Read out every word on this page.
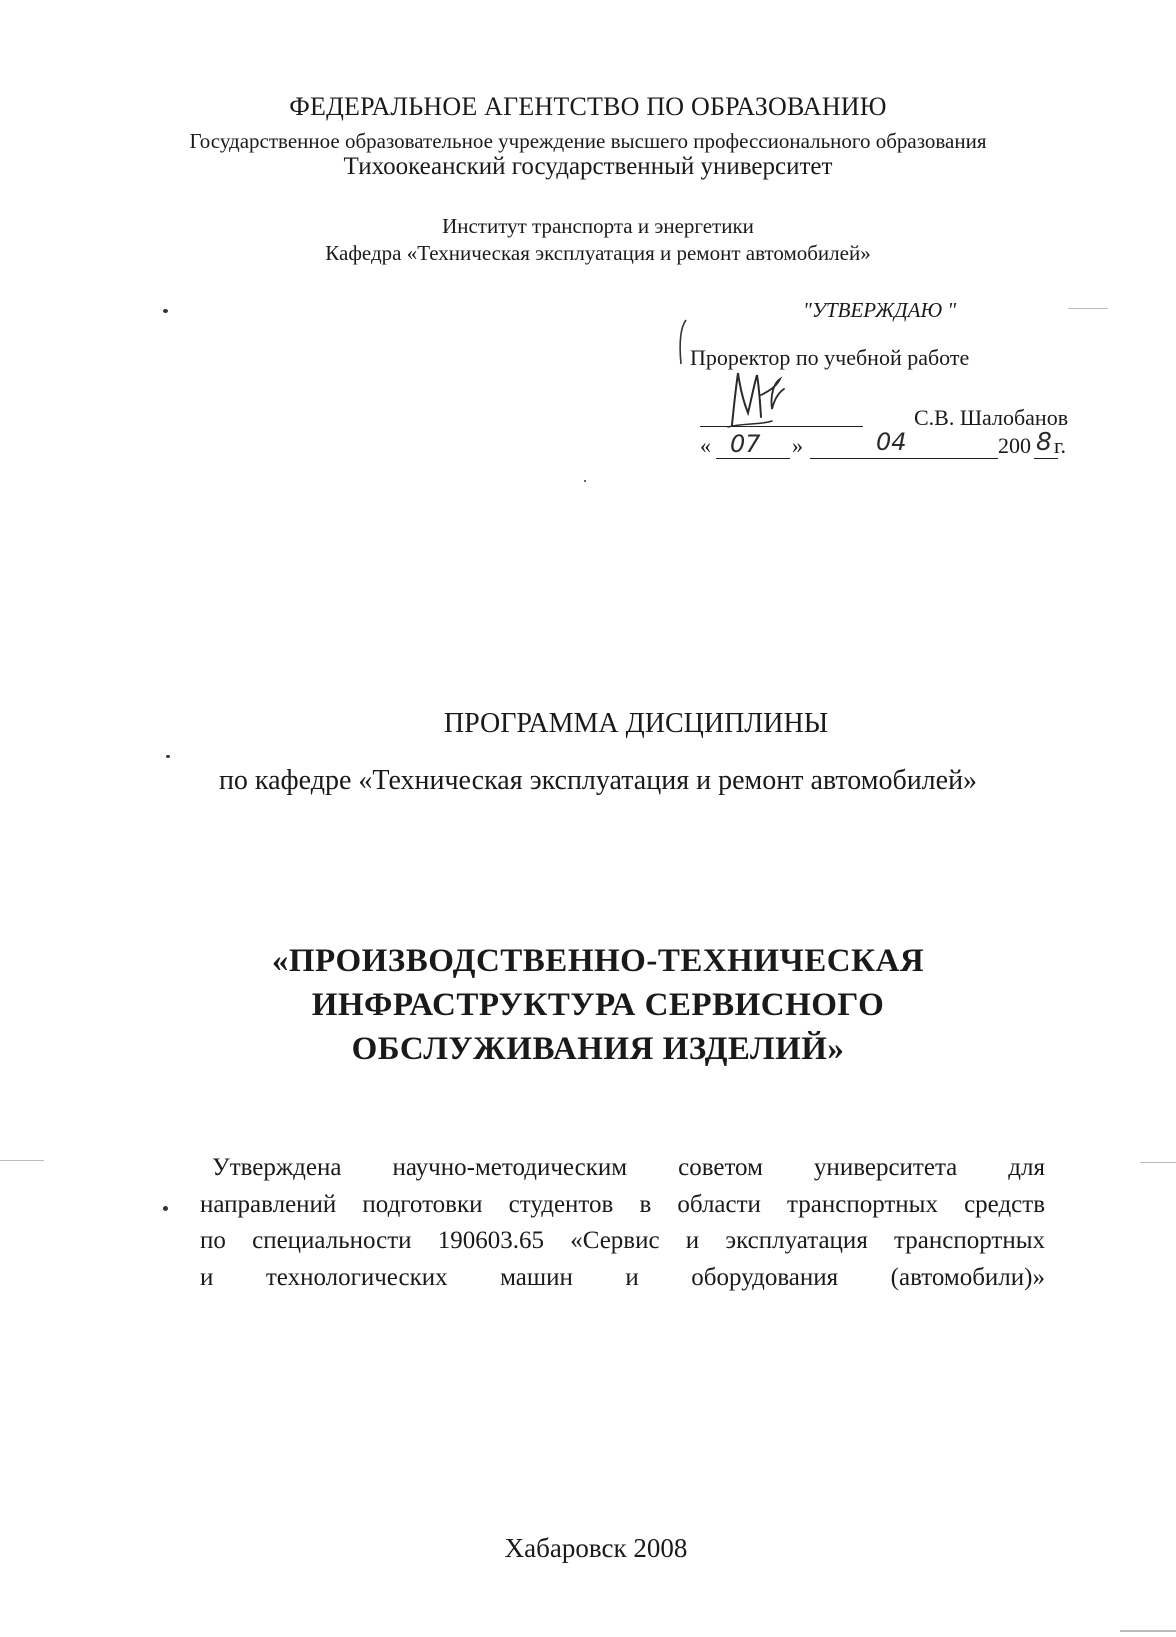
ФЕДЕРАЛЬНОЕ АГЕНТСТВО ПО ОБРАЗОВАНИЮ
Государственное образовательное учреждение высшего профессионального образования
Тихоокеанский государственный университет
Институт транспорта и энергетики
Кафедра «Техническая эксплуатация и ремонт автомобилей»
"УТВЕРЖДАЮ "
Проректор по учебной работе
С.В. Шалобанов
« 07 »	04	200 8 г.
ПРОГРАММА ДИСЦИПЛИНЫ
по кафедре «Техническая эксплуатация и ремонт автомобилей»
«ПРОИЗВОДСТВЕННО-ТЕХНИЧЕСКАЯ
ИНФРАСТРУКТУРА СЕРВИСНОГО
ОБСЛУЖИВАНИЯ ИЗДЕЛИЙ»
Утверждена научно-методическим советом университета для
направлений подготовки студентов в области транспортных средств
по специальности 190603.65 «Сервис и эксплуатация транспортных
и технологических машин и оборудования (автомобили)»
Хабаровск 2008
